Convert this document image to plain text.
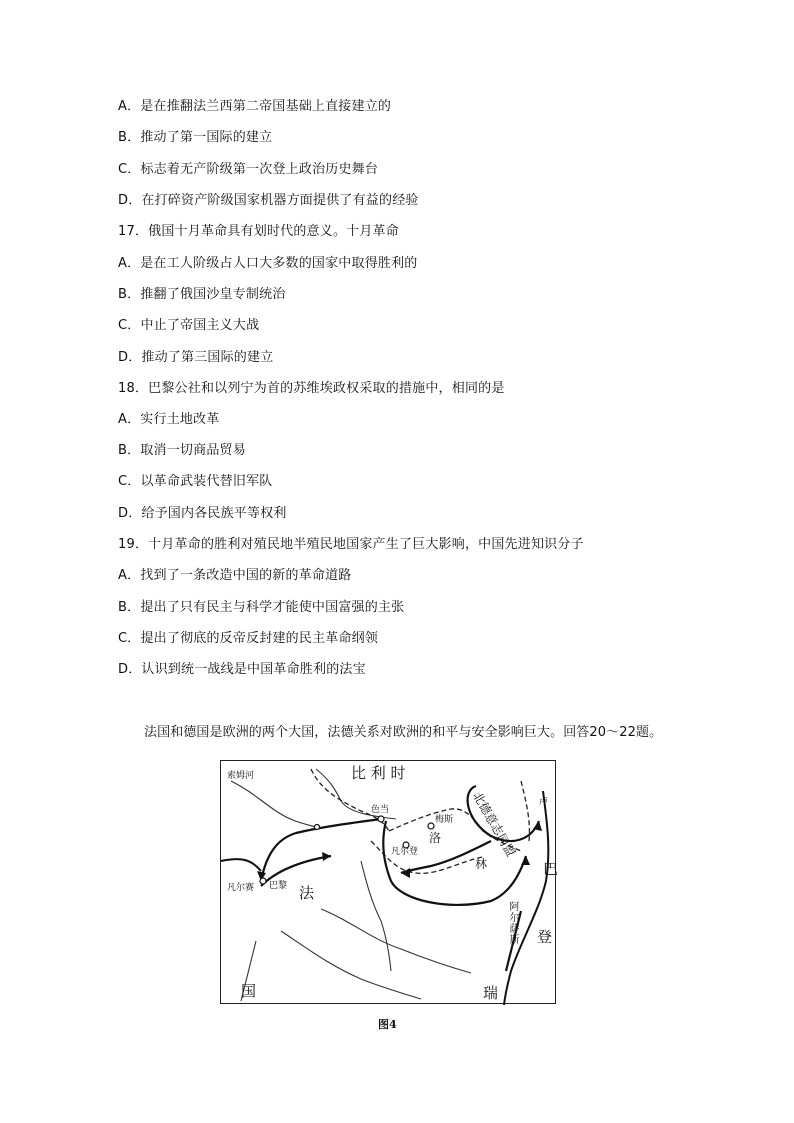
A．是在推翻法兰西第二帝国基础上直接建立的
B．推动了第一国际的建立
C．标志着无产阶级第一次登上政治历史舞台
D．在打碎资产阶级国家机器方面提供了有益的经验
17．俄国十月革命具有划时代的意义。十月革命
A．是在工人阶级占人口大多数的国家中取得胜利的
B．推翻了俄国沙皇专制统治
C．中止了帝国主义大战
D．推动了第三国际的建立
18．巴黎公社和以列宁为首的苏维埃政权采取的措施中，相同的是
A．实行土地改革
B．取消一切商品贸易
C．以革命武装代替旧军队
D．给予国内各民族平等权利
19．十月革命的胜利对殖民地半殖民地国家产生了巨大影响，中国先进知识分子
A．找到了一条改造中国的新的革命道路
B．提出了只有民主与科学才能使中国富强的主张
C．提出了彻底的反帝反封建的民主革命纲领
D．认识到统一战线是中国革命胜利的法宝
法国和德国是欧洲的两个大国，法德关系对欧洲的和平与安全影响巨大。回答20～22题。
比 利 时
北德意志同盟
法
国	瑞
巴
登
阿尔萨斯
洛
林
色当
梅斯
凡尔登
凡尔赛 巴黎
索姆河
卢
图4
